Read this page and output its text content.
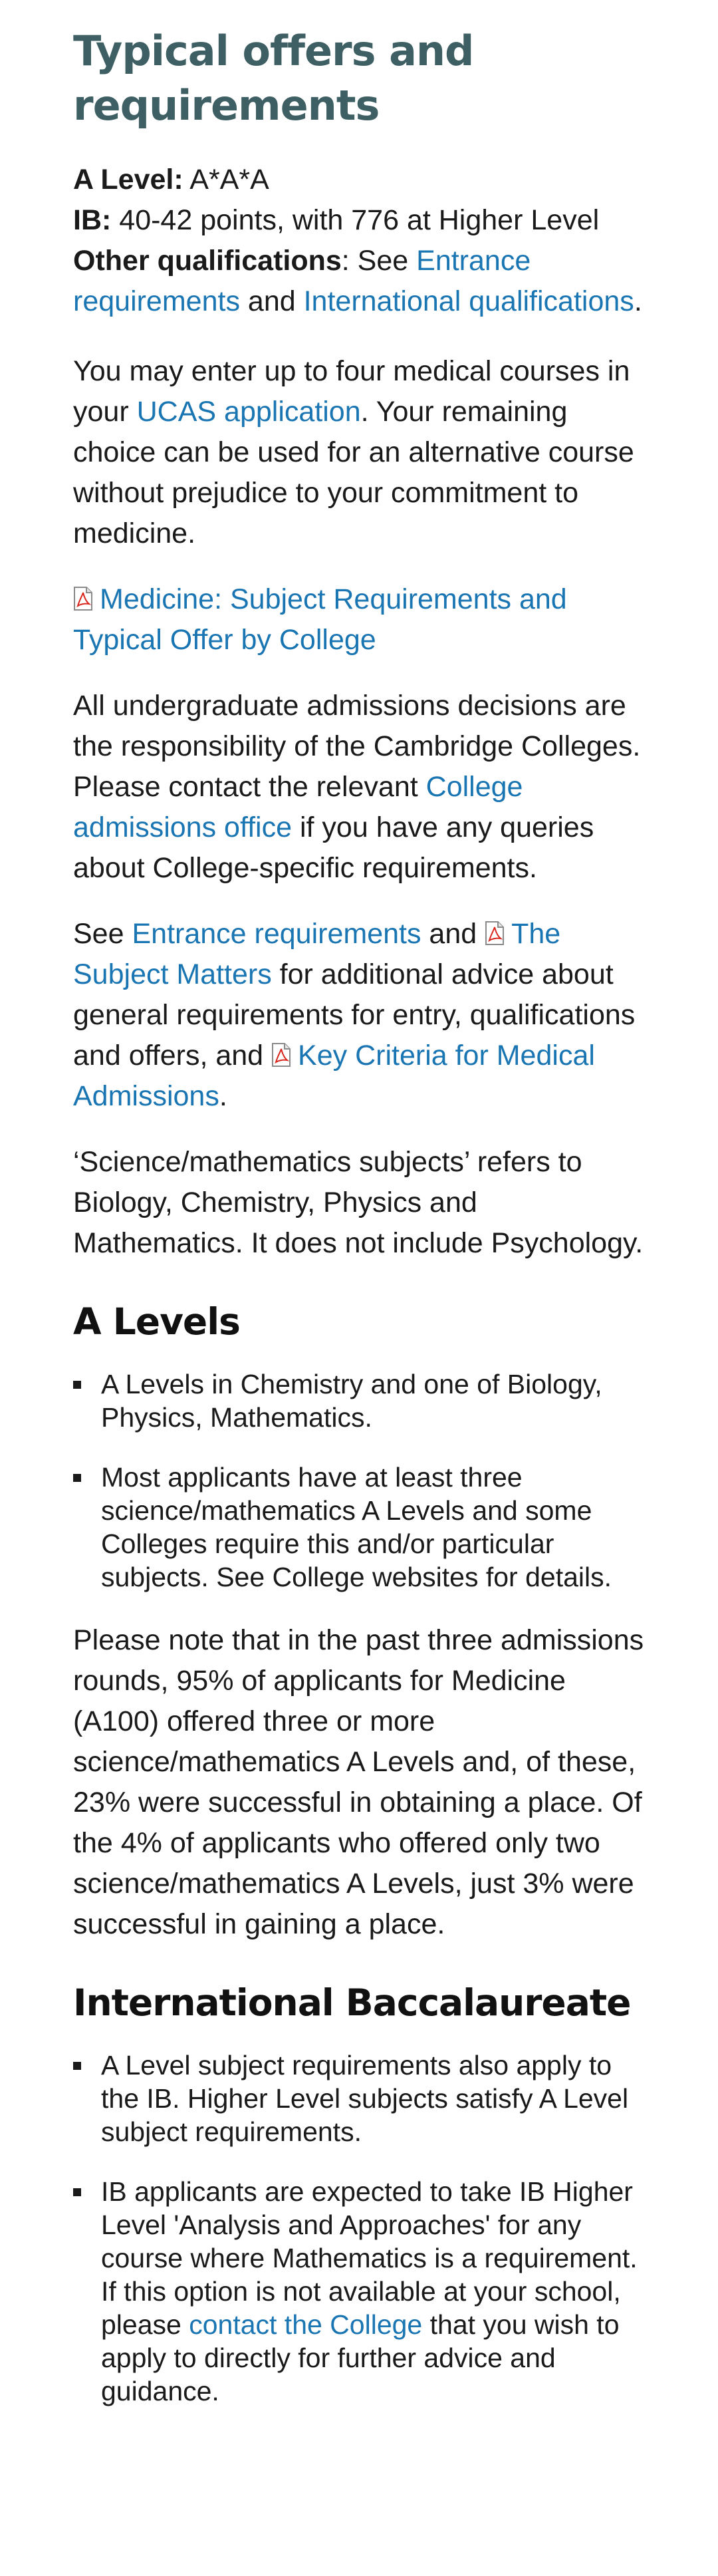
Typical offers and requirements
A Level: A*A*A
IB: 40-42 points, with 776 at Higher Level
Other qualifications: See Entrance requirements and International qualifications.

You may enter up to four medical courses in your UCAS application. Your remaining choice can be used for an alternative course without prejudice to your commitment to medicine.

Medicine: Subject Requirements and Typical Offer by College

All undergraduate admissions decisions are the responsibility of the Cambridge Colleges. Please contact the relevant College admissions office if you have any queries about College-specific requirements.

See Entrance requirements and The Subject Matters for additional advice about general requirements for entry, qualifications and offers, and Key Criteria for Medical Admissions.

‘Science/mathematics subjects’ refers to Biology, Chemistry, Physics and Mathematics. It does not include Psychology.

A Levels
A Levels in Chemistry and one of Biology, Physics, Mathematics.
Most applicants have at least three science/mathematics A Levels and some Colleges require this and/or particular subjects. See College websites for details.

Please note that in the past three admissions rounds, 95% of applicants for Medicine (A100) offered three or more science/mathematics A Levels and, of these, 23% were successful in obtaining a place. Of the 4% of applicants who offered only two science/mathematics A Levels, just 3% were successful in gaining a place.

International Baccalaureate
A Level subject requirements also apply to the IB. Higher Level subjects satisfy A Level subject requirements.
IB applicants are expected to take IB Higher Level 'Analysis and Approaches' for any course where Mathematics is a requirement. If this option is not available at your school, please contact the College that you wish to apply to directly for further advice and guidance.
